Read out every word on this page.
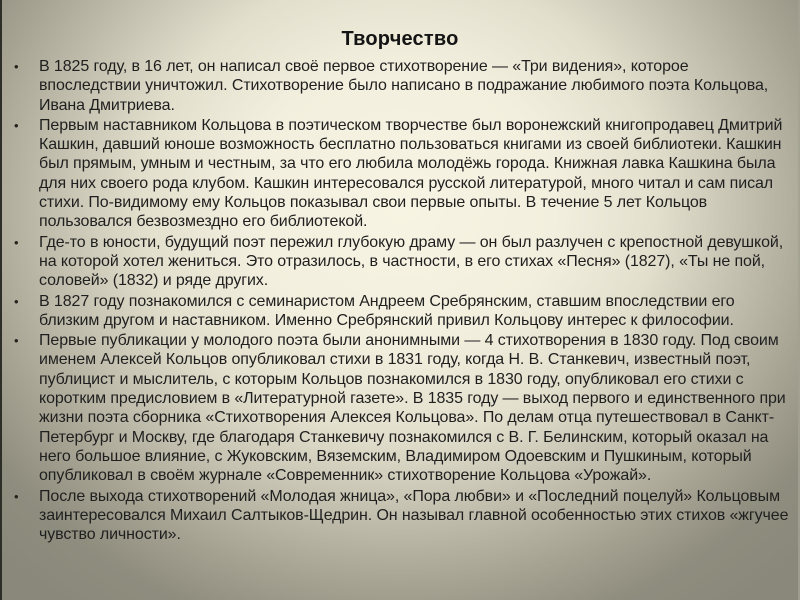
Творчество
•	В 1825 году, в 16 лет, он написал своё первое стихотворение — «Три видения», которое впоследствии уничтожил. Стихотворение было написано в подражание любимого поэта Кольцова, Ивана Дмитриева.
•	Первым наставником Кольцова в поэтическом творчестве был воронежский книгопродавец Дмитрий Кашкин, давший юноше возможность бесплатно пользоваться книгами из своей библиотеки. Кашкин был прямым, умным и честным, за что его любила молодёжь города. Книжная лавка Кашкина была для них своего рода клубом. Кашкин интересовался русской литературой, много читал и сам писал стихи. По-видимому ему Кольцов показывал свои первые опыты. В течение 5 лет Кольцов пользовался безвозмездно его библиотекой.
•	Где-то в юности, будущий поэт пережил глубокую драму — он был разлучен с крепостной девушкой, на которой хотел жениться. Это отразилось, в частности, в его стихах «Песня» (1827), «Ты не пой, соловей» (1832) и ряде других.
•	В 1827 году познакомился с семинаристом Андреем Сребрянским, ставшим впоследствии его близким другом и наставником. Именно Сребрянский привил Кольцову интерес к философии.
•	Первые публикации у молодого поэта были анонимными — 4 стихотворения в 1830 году. Под своим именем Алексей Кольцов опубликовал стихи в 1831 году, когда Н. В. Станкевич, известный поэт, публицист и мыслитель, с которым Кольцов познакомился в 1830 году, опубликовал его стихи с коротким предисловием в «Литературной газете». В 1835 году — выход первого и единственного при жизни поэта сборника «Стихотворения Алексея Кольцова». По делам отца путешествовал в Санкт-Петербург и Москву, где благодаря Станкевичу познакомился с В. Г. Белинским, который оказал на него большое влияние, с Жуковским, Вяземским, Владимиром Одоевским и Пушкиным, который опубликовал в своём журнале «Современник» стихотворение Кольцова «Урожай».
•	После выхода стихотворений «Молодая жница», «Пора любви» и «Последний поцелуй» Кольцовым заинтересовался Михаил Салтыков-Щедрин. Он называл главной особенностью этих стихов «жгучее чувство личности».
